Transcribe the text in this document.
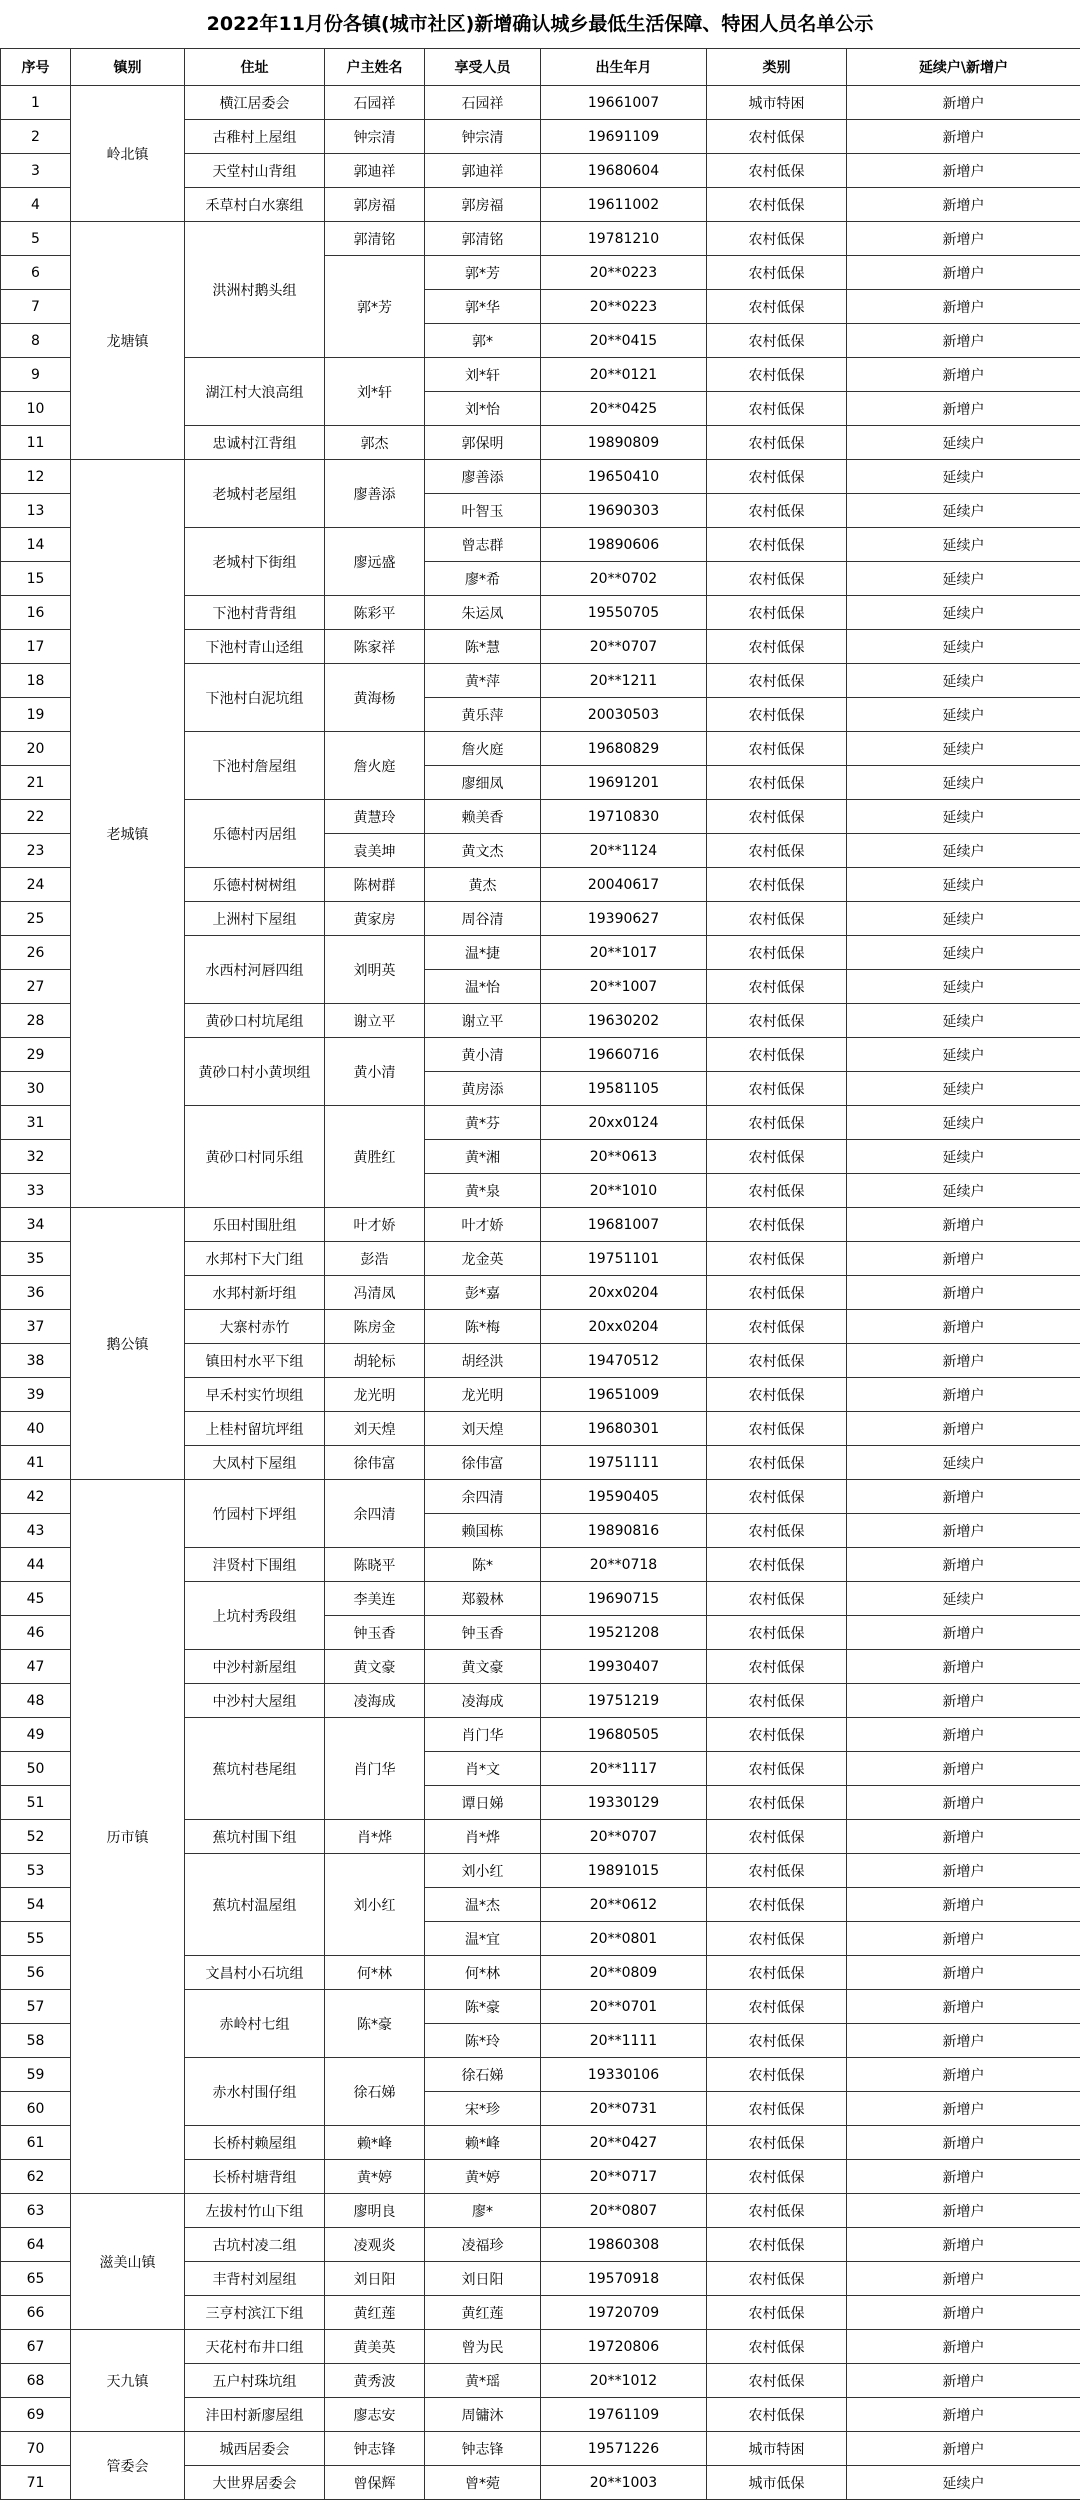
2022年11月份各镇(城市社区)新增确认城乡最低生活保障、特困人员名单公示
序号	镇别	住址	户主姓名	享受人员	出生年月	类别	延续户\新增户
1	岭北镇	横江居委会	石园祥	石园祥	19661007	城市特困	新增户
2		古稚村上屋组	钟宗清	钟宗清	19691109	农村低保	新增户
3		天堂村山背组	郭迪祥	郭迪祥	19680604	农村低保	新增户
4		禾草村白水寨组	郭房福	郭房福	19611002	农村低保	新增户
5	龙塘镇	洪洲村鹅头组	郭清铭	郭清铭	19781210	农村低保	新增户
6			郭*芳	郭*芳	20**0223	农村低保	新增户
7				郭*华	20**0223	农村低保	新增户
8				郭*	20**0415	农村低保	新增户
9		湖江村大浪高组	刘*轩	刘*轩	20**0121	农村低保	新增户
10				刘*怡	20**0425	农村低保	新增户
11		忠诚村江背组	郭杰	郭保明	19890809	农村低保	延续户
12	老城镇	老城村老屋组	廖善添	廖善添	19650410	农村低保	延续户
13				叶智玉	19690303	农村低保	延续户
14		老城村下街组	廖远盛	曾志群	19890606	农村低保	延续户
15				廖*希	20**0702	农村低保	延续户
16		下池村背背组	陈彩平	朱运凤	19550705	农村低保	延续户
17		下池村青山迳组	陈家祥	陈*慧	20**0707	农村低保	延续户
18		下池村白泥坑组	黄海杨	黄*萍	20**1211	农村低保	延续户
19				黄乐萍	20030503	农村低保	延续户
20		下池村詹屋组	詹火庭	詹火庭	19680829	农村低保	延续户
21				廖细凤	19691201	农村低保	延续户
22		乐德村丙居组	黄慧玲	赖美香	19710830	农村低保	延续户
23			袁美坤	黄文杰	20**1124	农村低保	延续户
24		乐德村树树组	陈树群	黄杰	20040617	农村低保	延续户
25		上洲村下屋组	黄家房	周谷清	19390627	农村低保	延续户
26		水西村河唇四组	刘明英	温*捷	20**1017	农村低保	延续户
27				温*怡	20**1007	农村低保	延续户
28		黄砂口村坑尾组	谢立平	谢立平	19630202	农村低保	延续户
29		黄砂口村小黄坝组	黄小清	黄小清	19660716	农村低保	延续户
30				黄房添	19581105	农村低保	延续户
31		黄砂口村同乐组	黄胜红	黄*芬	20xx0124	农村低保	延续户
32				黄*湘	20**0613	农村低保	延续户
33				黄*泉	20**1010	农村低保	延续户
34	鹅公镇	乐田村围肚组	叶才娇	叶才娇	19681007	农村低保	新增户
35		水邦村下大门组	彭浩	龙金英	19751101	农村低保	新增户
36		水邦村新圩组	冯清凤	彭*嘉	20xx0204	农村低保	新增户
37		大寨村赤竹	陈房金	陈*梅	20xx0204	农村低保	新增户
38		镇田村水平下组	胡轮标	胡经洪	19470512	农村低保	新增户
39		早禾村实竹坝组	龙光明	龙光明	19651009	农村低保	新增户
40		上桂村留坑坪组	刘天煌	刘天煌	19680301	农村低保	新增户
41		大凤村下屋组	徐伟富	徐伟富	19751111	农村低保	延续户
42	历市镇	竹园村下坪组	余四清	余四清	19590405	农村低保	新增户
43				赖国栋	19890816	农村低保	新增户
44		沣贤村下围组	陈晓平	陈*	20**0718	农村低保	新增户
45		上坑村秀段组	李美连	郑毅林	19690715	农村低保	延续户
46			钟玉香	钟玉香	19521208	农村低保	新增户
47		中沙村新屋组	黄文豪	黄文豪	19930407	农村低保	新增户
48		中沙村大屋组	凌海成	凌海成	19751219	农村低保	新增户
49		蕉坑村巷尾组	肖门华	肖门华	19680505	农村低保	新增户
50				肖*文	20**1117	农村低保	新增户
51				谭日娣	19330129	农村低保	新增户
52		蕉坑村围下组	肖*烨	肖*烨	20**0707	农村低保	新增户
53		蕉坑村温屋组	刘小红	刘小红	19891015	农村低保	新增户
54				温*杰	20**0612	农村低保	新增户
55				温*宜	20**0801	农村低保	新增户
56		文昌村小石坑组	何*林	何*林	20**0809	农村低保	新增户
57		赤岭村七组	陈*豪	陈*豪	20**0701	农村低保	新增户
58				陈*玲	20**1111	农村低保	新增户
59		赤水村围仔组	徐石娣	徐石娣	19330106	农村低保	新增户
60				宋*珍	20**0731	农村低保	新增户
61		长桥村赖屋组	赖*峰	赖*峰	20**0427	农村低保	新增户
62		长桥村塘背组	黄*婷	黄*婷	20**0717	农村低保	新增户
63	滋美山镇	左拔村竹山下组	廖明良	廖*	20**0807	农村低保	新增户
64		古坑村凌二组	凌观炎	凌福珍	19860308	农村低保	新增户
65		丰背村刘屋组	刘日阳	刘日阳	19570918	农村低保	新增户
66		三亨村滨江下组	黄红莲	黄红莲	19720709	农村低保	新增户
67	天九镇	天花村布井口组	黄美英	曾为民	19720806	农村低保	新增户
68		五户村珠坑组	黄秀波	黄*瑶	20**1012	农村低保	新增户
69		沣田村新廖屋组	廖志安	周镛沐	19761109	农村低保	新增户
70	管委会	城西居委会	钟志锋	钟志锋	19571226	城市特困	新增户
71		大世界居委会	曾保辉	曾*菀	20**1003	城市低保	延续户
